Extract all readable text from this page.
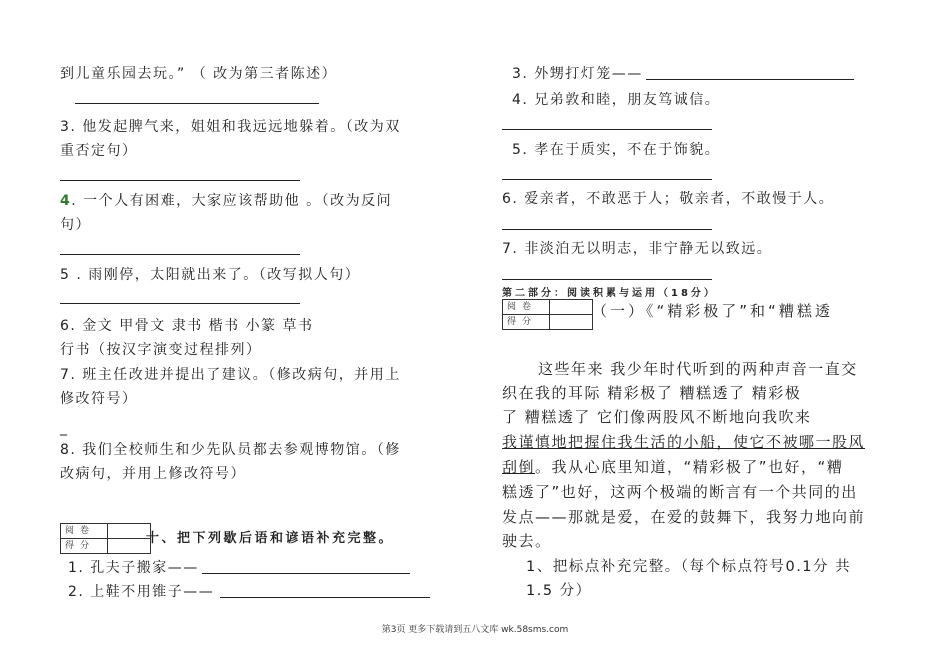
到儿童乐园去玩。” （ 改为第三者陈述）
3. 他发起脾气来，姐姐和我远远地躲着。（改为双
重否定句）
4. 一个人有困难，大家应该帮助他 。（改为反问
句）
5 . 雨刚停，太阳就出来了。（改写拟人句）
6. 金文 甲骨文 隶书 楷书 小篆 草书
行书（按汉字演变过程排列）
7. 班主任改进并提出了建议。（修改病句，并用上
修改符号）
_
8. 我们全校师生和少先队员都去参观博物馆。（修
改病句，并用上修改符号）
阅卷	
得分		十、把下列歇后语和谚语补充完整。
1. 孔夫子搬家——
2. 上鞋不用锥子——
3. 外甥打灯笼——
4. 兄弟敦和睦，朋友笃诚信。
5. 孝在于质实，不在于饰貌。
6. 爱亲者，不敢恶于人；敬亲者，不敢慢于人。
7. 非淡泊无以明志，非宁静无以致远。
第二部分：阅读积累与运用（18分）
阅卷	
得分	
（一）《“精彩极了”和“糟糕透
这些年来 我少年时代听到的两种声音一直交
织在我的耳际 精彩极了 糟糕透了 精彩极
了 糟糕透了 它们像两股风不断地向我吹来
我谨慎地把握住我生活的小船，使它不被哪一股风
刮倒。我从心底里知道，“精彩极了”也好，“糟
糕透了”也好，这两个极端的断言有一个共同的出
发点——那就是爱，在爱的鼓舞下，我努力地向前
驶去。
1、把标点补充完整。（每个标点符号0.1分 共
1.5 分）
第3页 更多下载请到五八文库 wk.58sms.com
